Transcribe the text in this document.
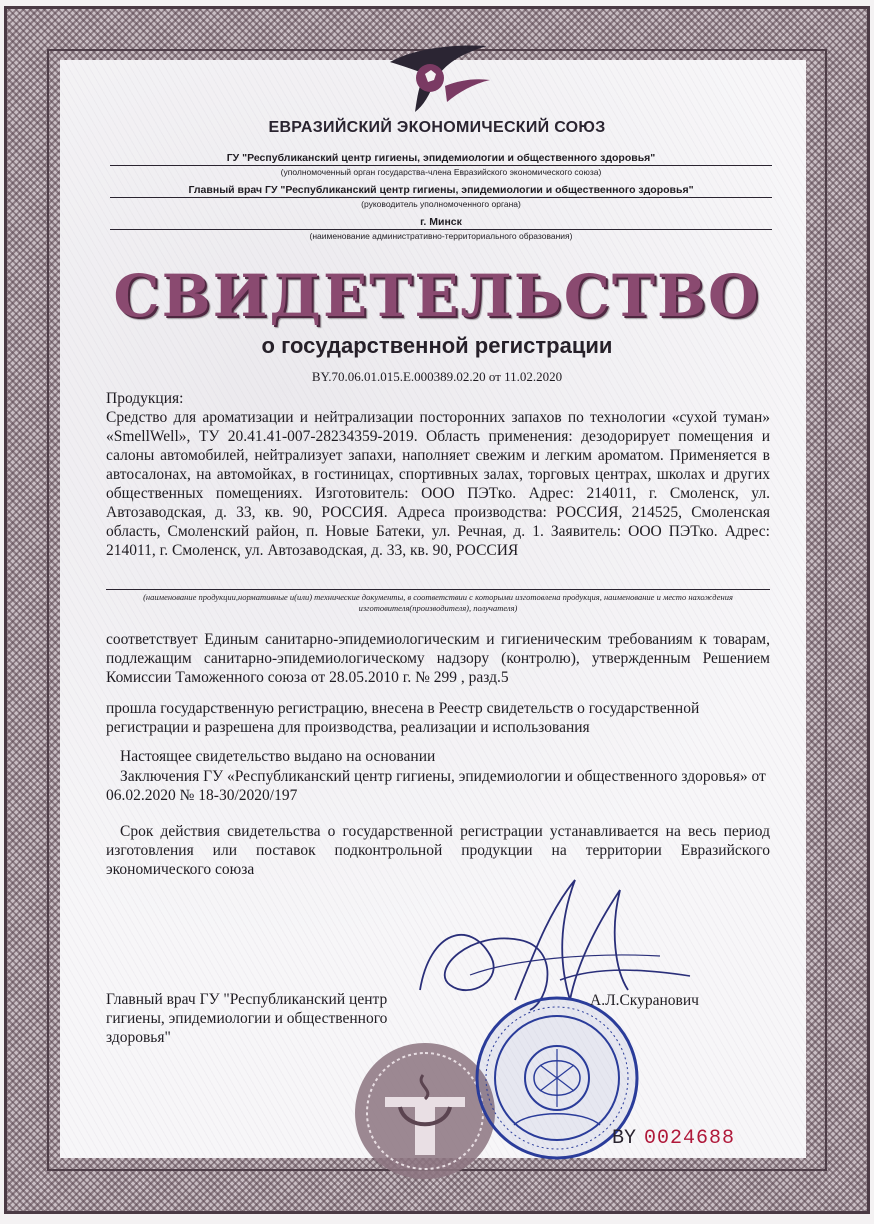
ЕВРАЗИЙСКИЙ ЭКОНОМИЧЕСКИЙ СОЮЗ
ГУ "Республиканский центр гигиены, эпидемиологии и общественного здоровья"
(уполномоченный орган государства-члена Евразийского экономического союза)
Главный врач ГУ "Республиканский центр гигиены, эпидемиологии и общественного здоровья"
(руководитель уполномоченного органа)
г. Минск
(наименование административно-территориального образования)
СВИДЕТЕЛЬСТВО
о государственной регистрации
BY.70.06.01.015.E.000389.02.20 от 11.02.2020
Продукция:
Средство для ароматизации и нейтрализации посторонних запахов по технологии «сухой туман» «SmellWell», ТУ 20.41.41-007-28234359-2019. Область применения: дезодорирует помещения и салоны автомобилей, нейтрализует запахи, наполняет свежим и легким ароматом. Применяется в автосалонах, на автомойках, в гостиницах, спортивных залах, торговых центрах, школах и других общественных помещениях. Изготовитель: ООО ПЭТко. Адрес: 214011, г. Смоленск, ул. Автозаводская, д. 33, кв. 90, РОССИЯ. Адреса производства: РОССИЯ, 214525, Смоленская область, Смоленский район, п. Новые Батеки, ул. Речная, д. 1. Заявитель: ООО ПЭТко. Адрес: 214011, г. Смоленск, ул. Автозаводская, д. 33, кв. 90, РОССИЯ
(наименование продукции,нормативные и(или) технические документы, в соответствии с которыми изготовлена продукция, наименование и место нахождения изготовителя(производителя), получателя)
соответствует Единым санитарно-эпидемиологическим и гигиеническим требованиям к товарам, подлежащим санитарно-эпидемиологическому надзору (контролю), утвержденным Решением Комиссии Таможенного союза от 28.05.2010 г. № 299 , разд.5
прошла государственную регистрацию, внесена в Реестр свидетельств о государственной регистрации и разрешена для производства, реализации и использования
Настоящее свидетельство выдано на основании
Заключения ГУ «Республиканский центр гигиены, эпидемиологии и общественного здоровья» от 06.02.2020 № 18-30/2020/197
Срок действия свидетельства о государственной регистрации устанавливается на весь период изготовления или поставок подконтрольной продукции на территории Евразийского экономического союза
А.Л.Скуранович
Главный врач ГУ "Республиканский центр гигиены, эпидемиологии и общественного здоровья"
BY 0024688
